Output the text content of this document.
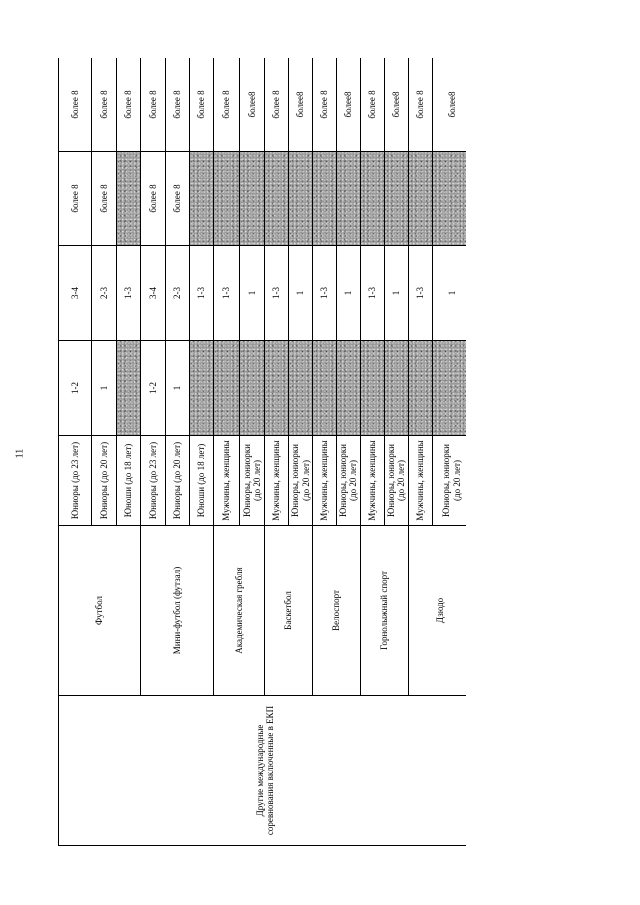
11
Другие международные соревнования включенные в ЕКП	Футбол	Юниоры (до 23 лет)	1-2	3-4	более 8	более 8
		Юниоры (до 20 лет)	1	2-3	более 8	более 8
		Юноши (до 18 лет)		1-3		более 8
	Мини-футбол (футзал)	Юниоры (до 23 лет)	1-2	3-4	более 8	более 8
		Юниоры (до 20 лет)	1	2-3	более 8	более 8
		Юноши (до 18 лет)		1-3		более 8
	Академическая гребля	Мужчины, женщины		1-3		более 8
		Юниоры, юниорки (до 20 лет)		1		более8
	Баскетбол	Мужчины, женщины		1-3		более 8
		Юниоры, юниорки (до 20 лет)		1		более8
	Велоспорт	Мужчины, женщины		1-3		более 8
		Юниоры, юниорки (до 20 лет)		1		более8
	Горнолыжный спорт	Мужчины, женщины		1-3		более 8
		Юниоры, юниорки (до 20 лет)		1		более8
	Дзюдо	Мужчины, женщины		1-3		более 8
		Юниоры, юниорки (до 20 лет)		1		более8
